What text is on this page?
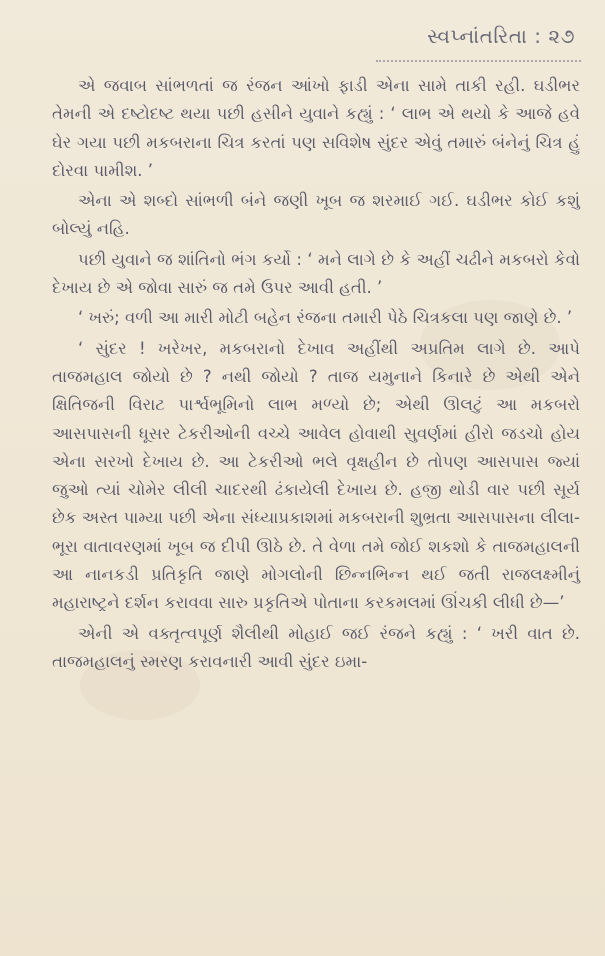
સ્વપ્નાંતરિતા : ૨૭

એ જવાબ સાંભળતાં જ રંજન આંખો ફાડી એના સામે તાકી રહી. ઘડીભર તેમની એ દષ્ટોદષ્ટ થયા પછી હસીને યુવાને કહ્યું : ‘ લાભ એ થયો કે આજે હવે ઘેર ગયા પછી મકબરાના ચિત્ર કરતાં પણ સવિશેષ સુંદર એવું તમારું બંનેનું ચિત્ર હું દોરવા પામીશ. ’

એના એ શબ્દો સાંભળી બંને જણી ખૂબ જ શરમાઈ ગઈ. ઘડીભર કોઈ કશું બોલ્યું નહિ.

પછી યુવાને જ શાંતિનો ભંગ કર્યો : ‘ મને લાગે છે કે અહીં ચઢીને મકબરો કેવો દેખાય છે એ જોવા સારું જ તમે ઉપર આવી હતી. ’

‘ ખરું; વળી આ મારી મોટી બહેન રંજના તમારી પેઠે ચિત્રકલા પણ જાણે છે. ’

‘ સુંદર ! ખરેખર, મકબરાનો દેખાવ અહીંથી અપ્રતિમ લાગે છે. આપે તાજમહાલ જોયો છે ? નથી જોયો ? તાજ યમુનાને કિનારે છે એથી એને ક્ષિતિજની વિરાટ પાર્શ્વભૂમિનો લાભ મળ્યો છે; એથી ઊલટું આ મકબરો આસપાસની ધૂસર ટેકરીઓની વચ્ચે આવેલ હોવાથી સુવર્ણમાં હીરો જડચો હોય એના સરખો દેખાય છે. આ ટેકરીઓ ભલે વૃક્ષહીન છે તોપણ આસપાસ જ્યાં જુઓ ત્યાં ચોમેર લીલી ચાદરથી ઢંકાયેલી દેખાય છે. હજી થોડી વાર પછી સૂર્ય છેક અસ્ત પામ્યા પછી એના સંધ્યાપ્રકાશમાં મકબરાની શુભ્રતા આસપાસના લીલા-ભૂરા વાતાવરણમાં ખૂબ જ દીપી ઊઠે છે. તે વેળા તમે જોઈ શકશો કે તાજમહાલની આ નાનકડી પ્રતિકૃતિ જાણે મોગલોની છિન્નભિન્ન થઈ જતી રાજલક્ષ્મીનું મહારાષ્ટ્રને દર્શન કરાવવા સારુ પ્રકૃતિએ પોતાના કરકમલમાં ઊંચકી લીધી છે—’

એની એ વક્તૃત્વપૂર્ણ શૈલીથી મોહાઈ જઈ રંજને કહ્યું : ‘ ખરી વાત છે. તાજમહાલનું સ્મરણ કરાવનારી આવી સુંદર ઇમા-
